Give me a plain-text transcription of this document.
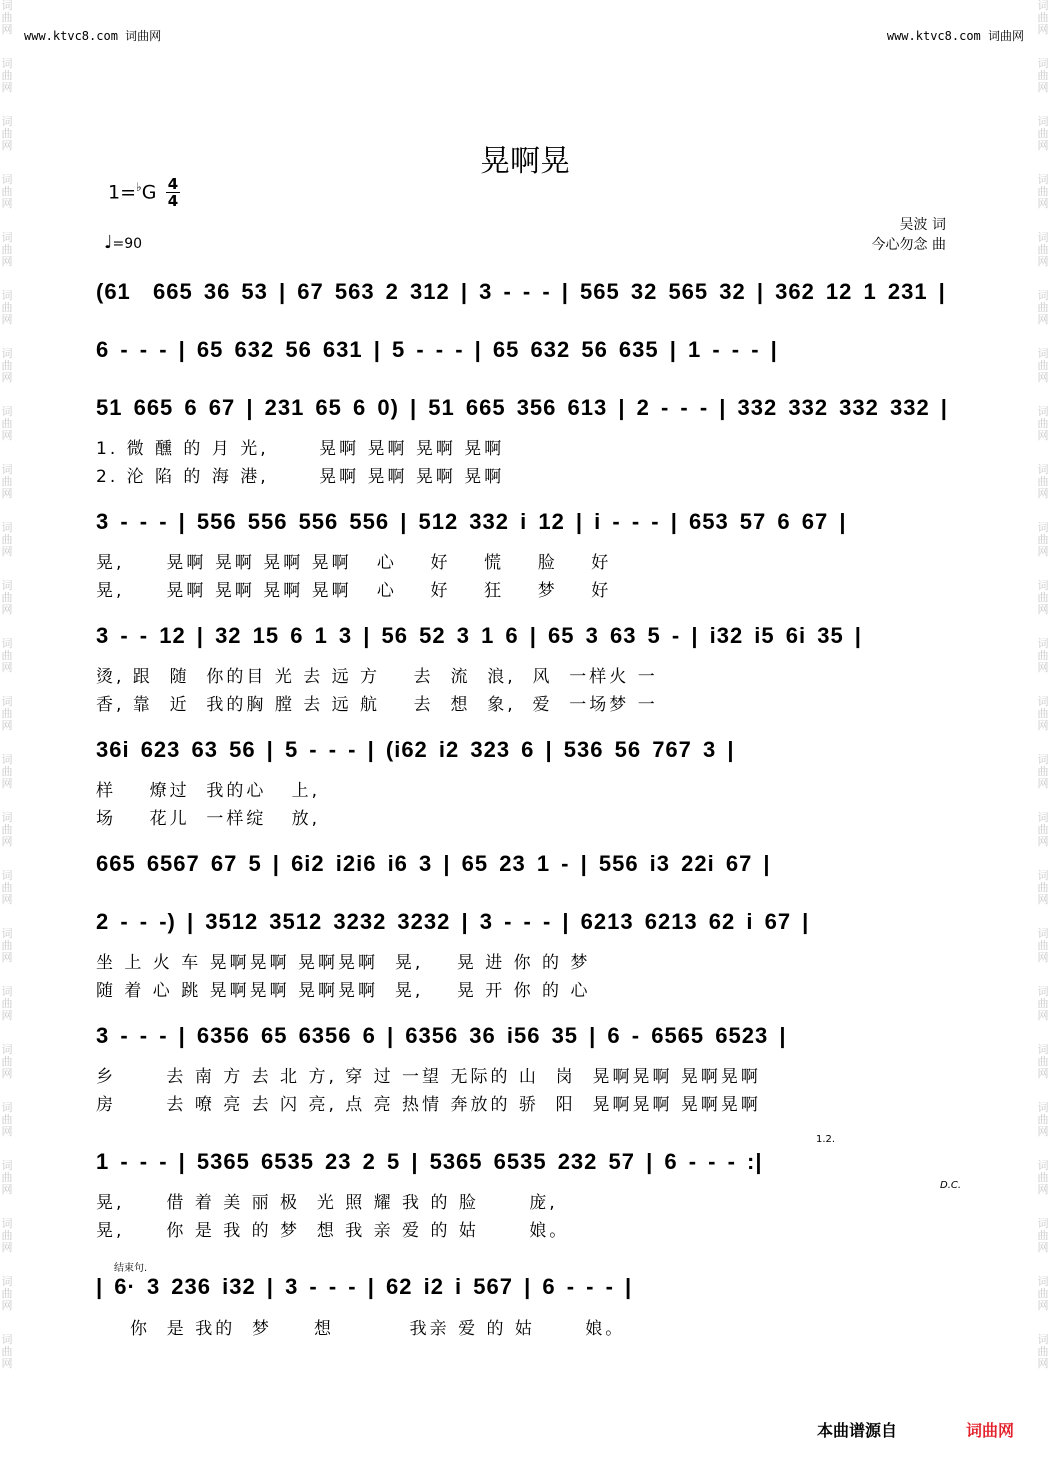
词
曲
网
词
曲
网
词
曲
网
词
曲
网
词
曲
网
词
曲
网
词
曲
网
词
曲
网
词
曲
网
词
曲
网
词
曲
网
词
曲
网
词
曲
网
词
曲
网
词
曲
网
词
曲
网
词
曲
网
词
曲
网
词
曲
网
词
曲
网
词
曲
网
词
曲
网
词
曲
网
词
曲
网
词
曲
网
词
曲
网
词
曲
网
词
曲
网
词
曲
网
词
曲
网
词
曲
网
词
曲
网
词
曲
网
词
曲
网
词
曲
网
词
曲
网
词
曲
网
词
曲
网
词
曲
网
词
曲
网
词
曲
网
词
曲
网
词
曲
网
词
曲
网
词
曲
网
词
曲
网
词
曲
网
词
曲
网
www.ktvc8.com 词曲网	www.ktvc8.com 词曲网
晃啊晃
1=♭G 4
4
♩=90
吴波 词
今心勿念 曲
(61  665 36 53 | 67 563 2 312 | 3 - - - | 565 32 565 32 | 362 12 1 231 |
6 - - - | 65 632 56 631 | 5 - - - | 65 632 56 635 | 1 - - - |
51 665 6 67 | 231 65 6 0) | 51 665 356 613 | 2 - - - | 332 332 332 332 |
1. 微 醺 的 月 光,      晃啊 晃啊 晃啊 晃啊
2. 沦 陷 的 海 港,      晃啊 晃啊 晃啊 晃啊
3 - - - | 556 556 556 556 | 512 332 i 12 | i - - - | 653 57 6 67 |
晃,     晃啊 晃啊 晃啊 晃啊   心    好    慌    脸    好
晃,     晃啊 晃啊 晃啊 晃啊   心    好    狂    梦    好
3 - - 12 | 32 15 6 1 3 | 56 52 3 1 6 | 65 3 63 5 - | i32 i5 6i 35 |
烫, 跟  随  你的目 光 去 远 方    去  流  浪,  风  一样火 一
香, 靠  近  我的胸 膛 去 远 航    去  想  象,  爱  一场梦 一
36i 623 63 56 | 5 - - - | (i62 i2 323 6 | 536 56 767 3 |
样    燎过  我的心   上,
场    花儿  一样绽   放,
665 6567 67 5 | 6i2 i2i6 i6 3 | 65 23 1 - | 556 i3 22i 67 |
2 - - -) | 3512 3512 3232 3232 | 3 - - - | 6213 6213 62 i 67 |
坐 上 火 车 晃啊晃啊 晃啊晃啊  晃,    晃 进 你 的 梦
随 着 心 跳 晃啊晃啊 晃啊晃啊  晃,    晃 开 你 的 心
3 - - - | 6356 65 6356 6 | 6356 36 i56 35 | 6 - 6565 6523 |
乡      去 南 方 去 北 方, 穿 过 一望 无际的 山  岗  晃啊晃啊 晃啊晃啊
房      去 嘹 亮 去 闪 亮, 点 亮 热情 奔放的 骄  阳  晃啊晃啊 晃啊晃啊
1.2.
D.C.
1 - - - | 5365 6535 23 2 5 | 5365 6535 232 57 | 6 - - - :|
晃,     借 着 美 丽 极  光 照 耀 我 的 脸      庞,
晃,     你 是 我 的 梦  想 我 亲 爱 的 姑      娘。
结束句.
| 6· 3 236 i32 | 3 - - - | 62 i2 i 567 | 6 - - - |
你  是 我的  梦     想         我亲 爱 的 姑      娘。
本曲谱源自	词曲网
